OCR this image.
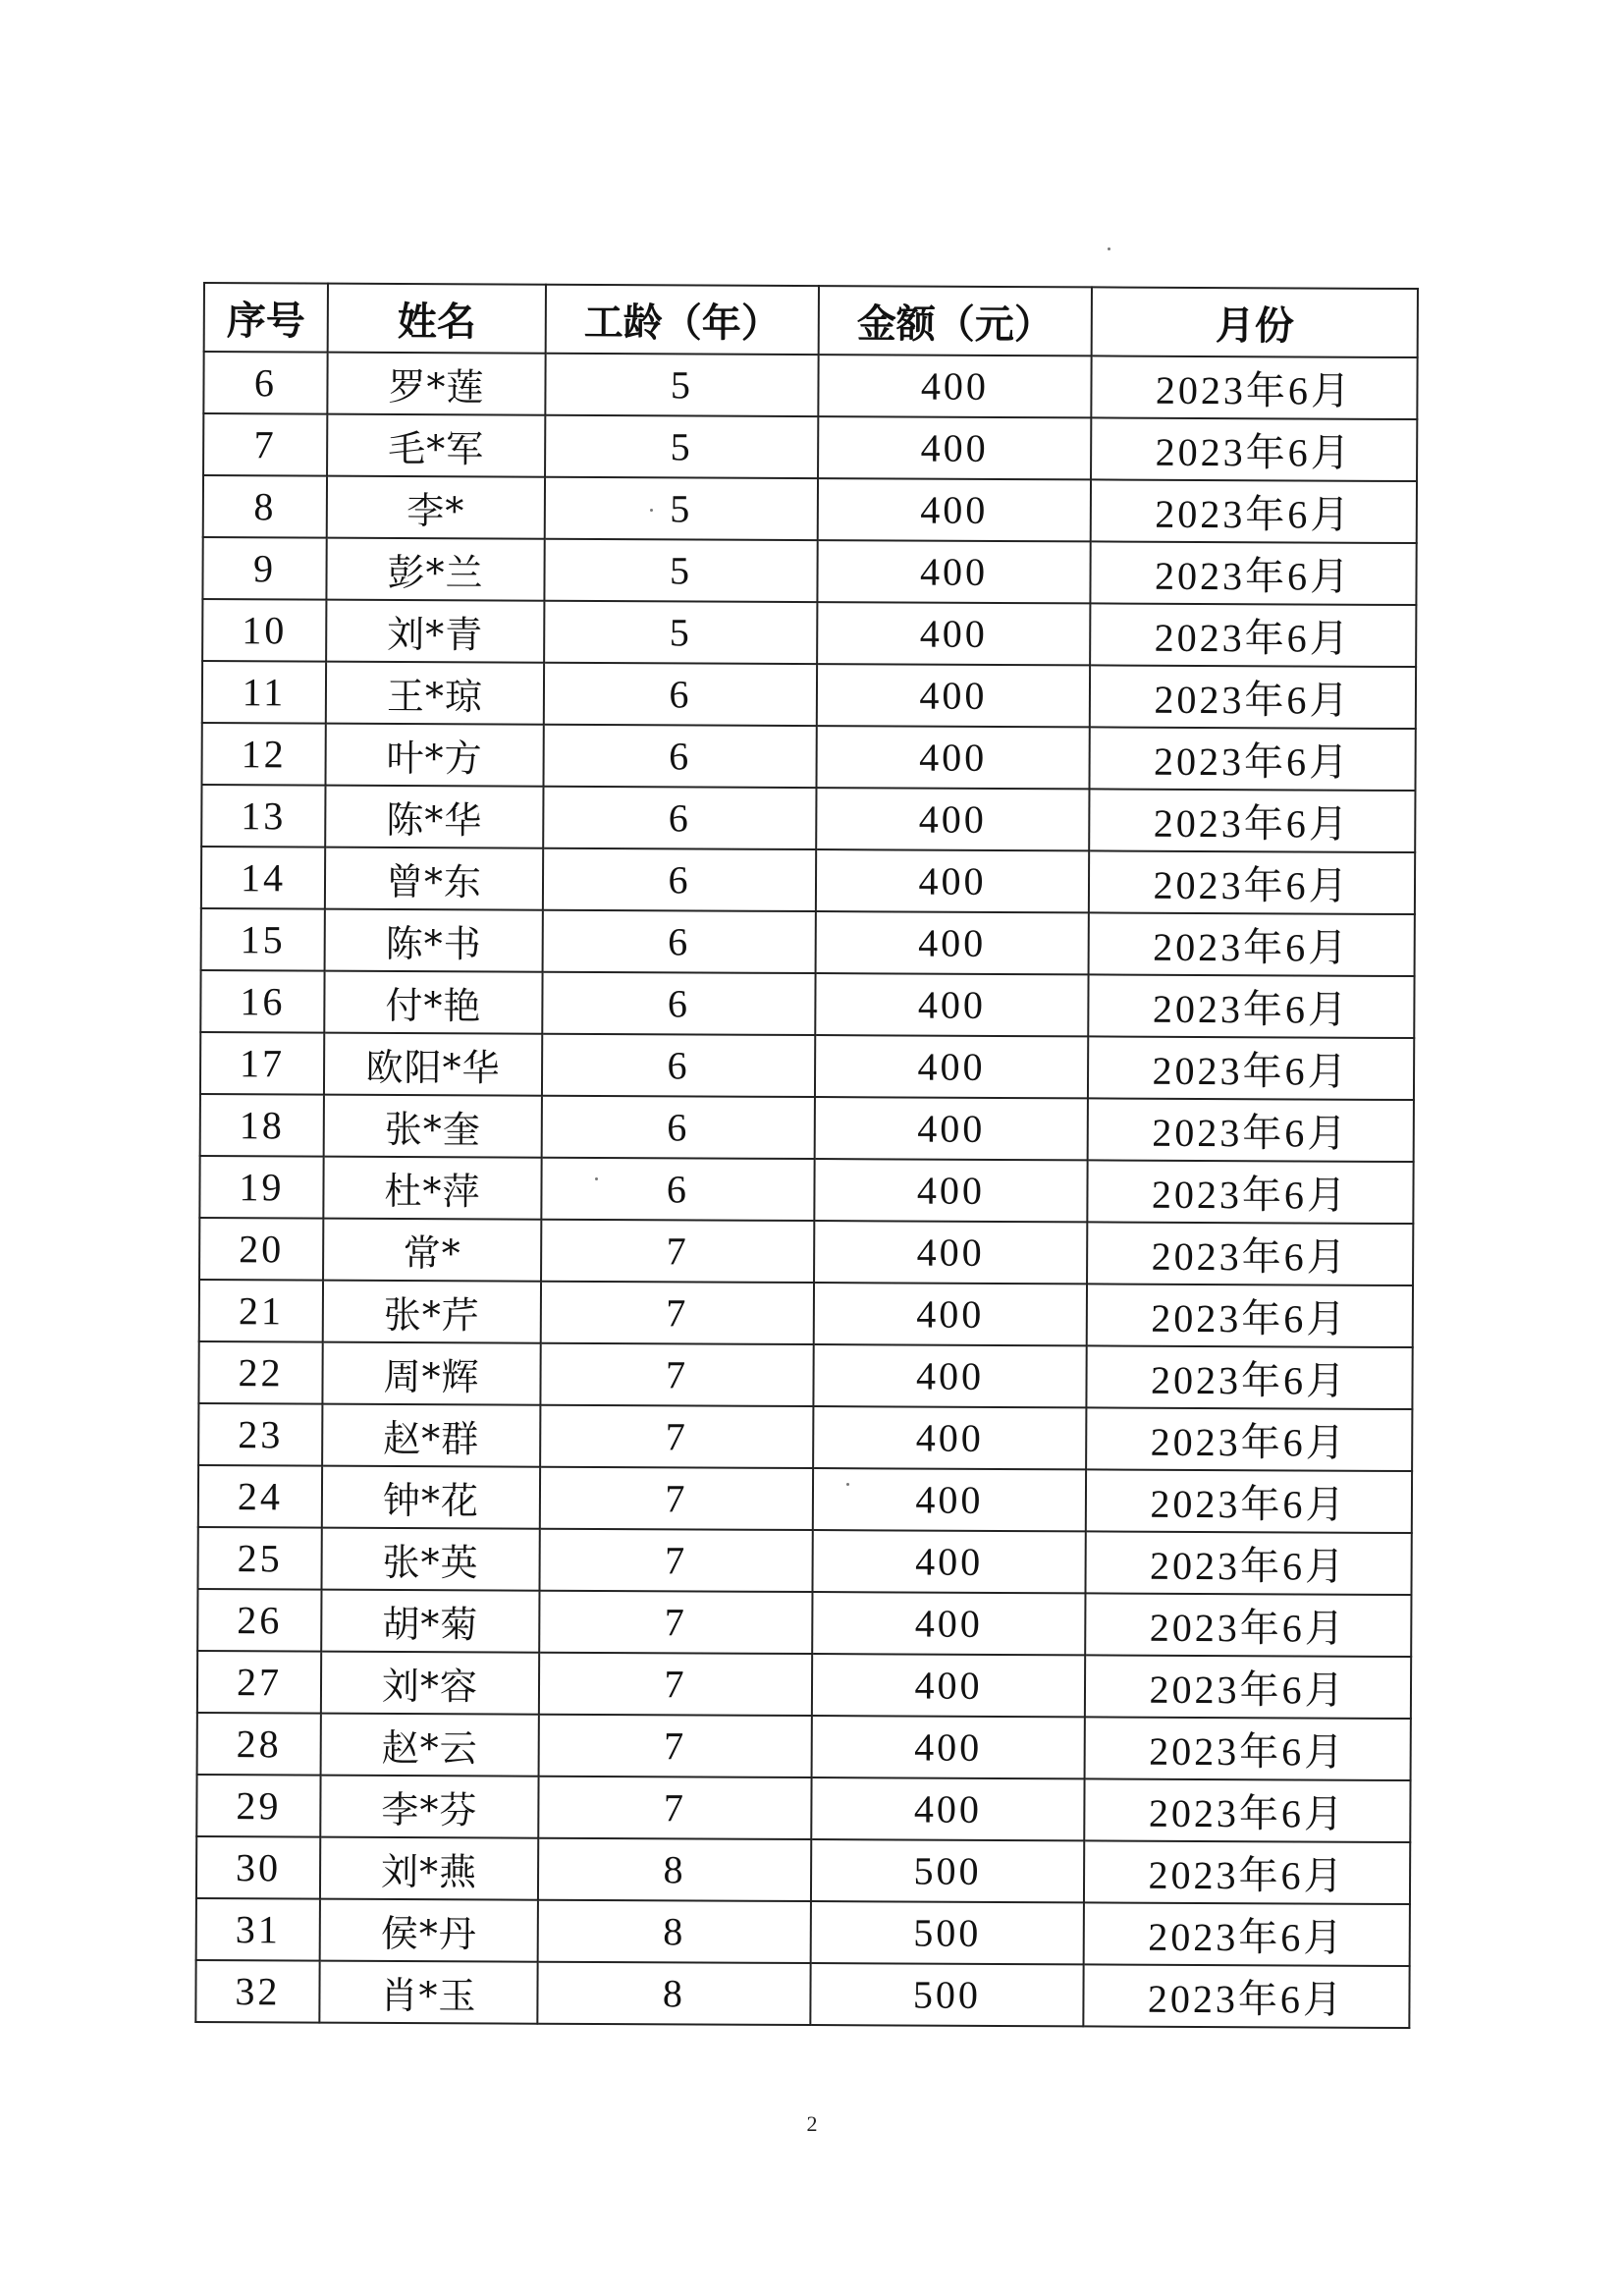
序号	姓名	工龄（年）	金额（元）	月份
6	罗*莲	5	400	2023年6月
7	毛*军	5	400	2023年6月
8	李*	5	400	2023年6月
9	彭*兰	5	400	2023年6月
10	刘*青	5	400	2023年6月
11	王*琼	6	400	2023年6月
12	叶*方	6	400	2023年6月
13	陈*华	6	400	2023年6月
14	曾*东	6	400	2023年6月
15	陈*书	6	400	2023年6月
16	付*艳	6	400	2023年6月
17	欧阳*华	6	400	2023年6月
18	张*奎	6	400	2023年6月
19	杜*萍	6	400	2023年6月
20	常*	7	400	2023年6月
21	张*芹	7	400	2023年6月
22	周*辉	7	400	2023年6月
23	赵*群	7	400	2023年6月
24	钟*花	7	400	2023年6月
25	张*英	7	400	2023年6月
26	胡*菊	7	400	2023年6月
27	刘*容	7	400	2023年6月
28	赵*云	7	400	2023年6月
29	李*芬	7	400	2023年6月
30	刘*燕	8	500	2023年6月
31	侯*丹	8	500	2023年6月
32	肖*玉	8	500	2023年6月
2
